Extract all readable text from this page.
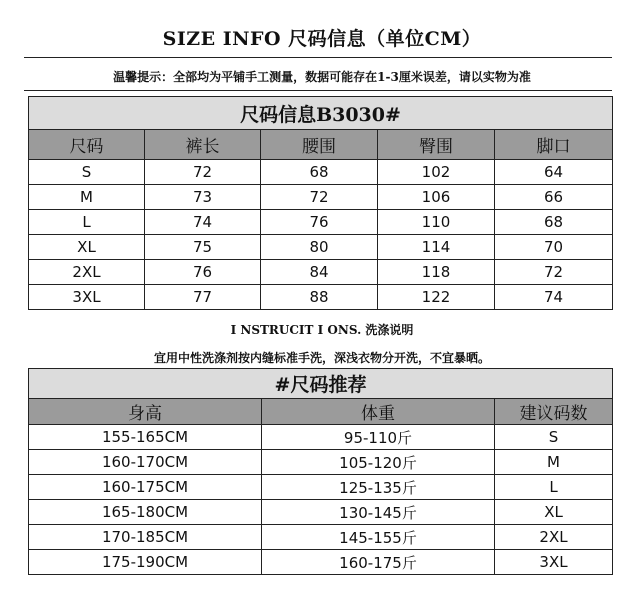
SIZE INFO 尺码信息（单位CM）
温馨提示：全部均为平铺手工测量，数据可能存在1-3厘米误差，请以实物为准
尺码信息B3030#				
尺码	裤长	腰围	臀围	脚口
S	72	68	102	64
M	73	72	106	66
L	74	76	110	68
XL	75	80	114	70
2XL	76	84	118	72
3XL	77	88	122	74
I NSTRUCIT I ONS. 洗涤说明
宜用中性洗涤剂按内缝标准手洗，深浅衣物分开洗，不宜暴晒。
#尺码推荐		
身高	体重	建议码数
155-165CM	95-110斤	S
160-170CM	105-120斤	M
160-175CM	125-135斤	L
165-180CM	130-145斤	XL
170-185CM	145-155斤	2XL
175-190CM	160-175斤	3XL
